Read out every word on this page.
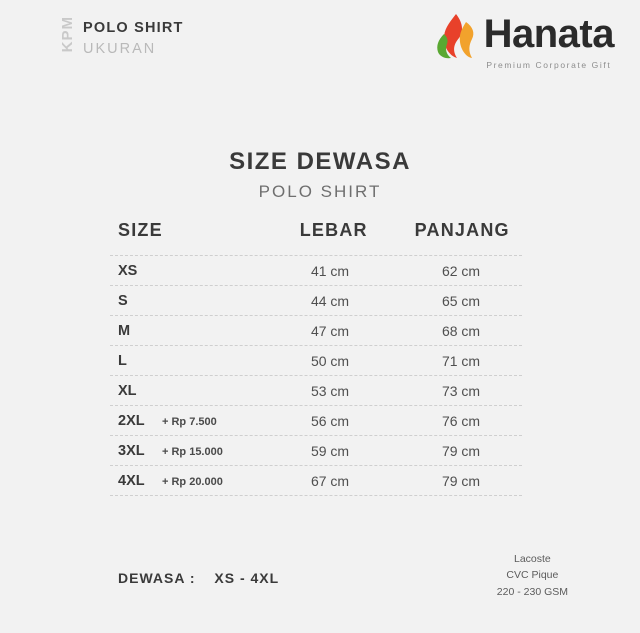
KPM POLO SHIRT
UKURAN	Hanata
Premium Corporate Gift
SIZE DEWASA
POLO SHIRT
SIZE	LEBAR	PANJANG
XS	41 cm	62 cm
S	44 cm	65 cm
M	47 cm	68 cm
L	50 cm	71 cm
XL	53 cm	73 cm
2XL	+ Rp 7.500	56 cm	76 cm
3XL	+ Rp 15.000	59 cm	79 cm
4XL	+ Rp 20.000	67 cm	79 cm
DEWASA : XS - 4XL
Lacoste
CVC Pique
220 - 230 GSM
